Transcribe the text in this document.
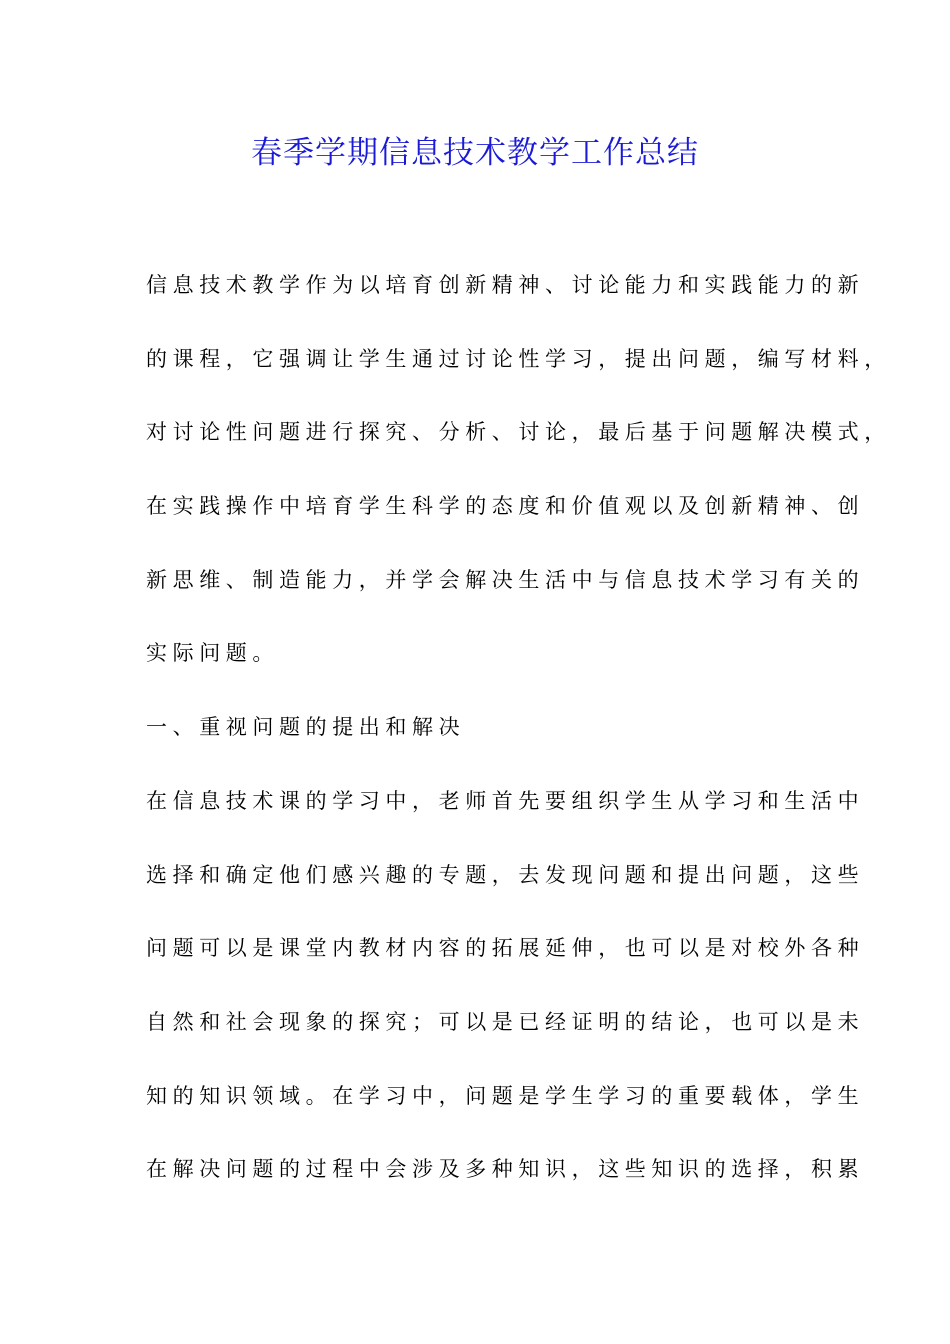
春季学期信息技术教学工作总结
信息技术教学作为以培育创新精神、讨论能力和实践能力的新
的课程，它强调让学生通过讨论性学习，提出问题，编写材料，
对讨论性问题进行探究、分析、讨论，最后基于问题解决模式，
在实践操作中培育学生科学的态度和价值观以及创新精神、创
新思维、制造能力，并学会解决生活中与信息技术学习有关的
实际问题。
一、重视问题的提出和解决
在信息技术课的学习中，老师首先要组织学生从学习和生活中
选择和确定他们感兴趣的专题，去发现问题和提出问题，这些
问题可以是课堂内教材内容的拓展延伸，也可以是对校外各种
自然和社会现象的探究；可以是已经证明的结论，也可以是未
知的知识领域。在学习中，问题是学生学习的重要载体，学生
在解决问题的过程中会涉及多种知识，这些知识的选择，积累
